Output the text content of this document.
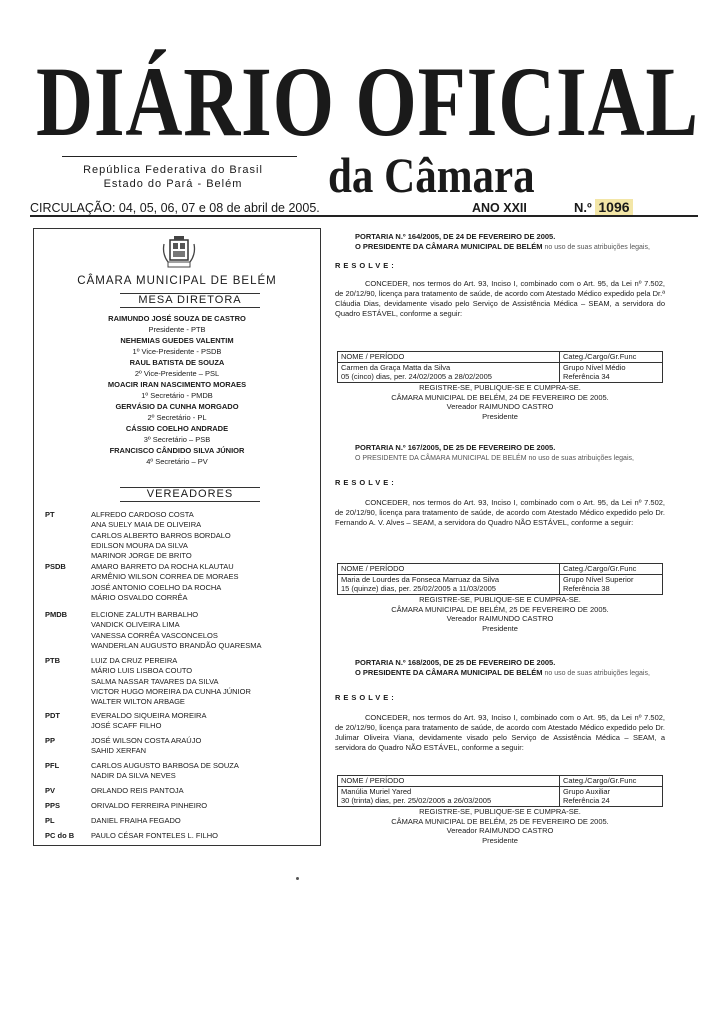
DIÁRIO OFICIAL
República Federativa do Brasil
Estado do Pará - Belém	da Câmara
CIRCULAÇÃO: 04, 05, 06, 07 e 08 de abril de 2005.	ANO XXII	N.º 1096
CÂMARA MUNICIPAL DE BELÉM
MESA DIRETORA
RAIMUNDO JOSÉ SOUZA DE CASTRO
Presidente - PTB
NEHEMIAS GUEDES VALENTIM
1º Vice-Presidente - PSDB
RAUL BATISTA DE SOUZA
2º Vice-Presidente – PSL
MOACIR IRAN NASCIMENTO MORAES
1º Secretário - PMDB
GERVÁSIO DA CUNHA MORGADO
2º Secretário - PL
CÁSSIO COELHO ANDRADE
3º Secretário – PSB
FRANCISCO CÂNDIDO SILVA JÚNIOR
4º Secretário – PV
VEREADORES
PT	ALFREDO CARDOSO COSTA
ANA SUELY MAIA DE OLIVEIRA
CARLOS ALBERTO BARROS BORDALO
EDILSON MOURA DA SILVA
MARINOR JORGE DE BRITO
PSDB	AMARO BARRETO DA ROCHA KLAUTAU
ARMÊNIO WILSON CORREA DE MORAES
JOSÉ ANTONIO COELHO DA ROCHA
MÁRIO OSVALDO CORRÊA
PMDB	ELCIONE ZALUTH BARBALHO
VANDICK OLIVEIRA LIMA
VANESSA CORRÊA VASCONCELOS
WANDERLAN AUGUSTO BRANDÃO QUARESMA
PTB	LUIZ DA CRUZ PEREIRA
MÁRIO LUIS LISBOA COUTO
SALMA NASSAR TAVARES DA SILVA
VICTOR HUGO MOREIRA DA CUNHA JÚNIOR
WALTER WILTON ARBAGE
PDT	EVERALDO SIQUEIRA MOREIRA
JOSÉ SCAFF FILHO
PP	JOSÉ WILSON COSTA ARAÚJO
SAHID XERFAN
PFL	CARLOS AUGUSTO BARBOSA DE SOUZA
NADIR DA SILVA NEVES
PV	ORLANDO REIS PANTOJA
PPS	ORIVALDO FERREIRA PINHEIRO
PL	DANIEL FRAIHA FEGADO
PC do B PAULO CÉSAR FONTELES L. FILHO
PORTARIA N.º 164/2005, DE 24 DE FEVEREIRO DE 2005.
O PRESIDENTE DA CÂMARA MUNICIPAL DE BELÉM no uso de suas atribuições legais,
RESOLVE:
CONCEDER, nos termos do Art. 93, Inciso I, combinado com o Art. 95, da Lei nº 7.502, de 20/12/90, licença para tratamento de saúde, de acordo com Atestado Médico expedido pela Dr.ª Cláudia Dias, devidamente visado pelo Serviço de Assistência Médica – SEAM, a servidora do Quadro ESTÁVEL, conforme a seguir:
NOME / PERÍODO	Categ./Cargo/Gr.Func
Carmen da Graça Matta da Silva	Grupo Nível Médio
05 (cinco) dias, per. 24/02/2005 a 28/02/2005	Referência 34
REGISTRE-SE, PUBLIQUE-SE E CUMPRA-SE.
CÂMARA MUNICIPAL DE BELÉM, 24 DE FEVEREIRO DE 2005.
Vereador RAIMUNDO CASTRO
Presidente
PORTARIA N.º 167/2005, DE 25 DE FEVEREIRO DE 2005.
O PRESIDENTE DA CÂMARA MUNICIPAL DE BELÉM no uso de suas atribuições legais,
RESOLVE:
CONCEDER, nos termos do Art. 93, Inciso I, combinado com o Art. 95, da Lei nº 7.502, de 20/12/90, licença para tratamento de saúde, de acordo com Atestado Médico expedido pelo Dr. Fernando A. V. Alves – SEAM, a servidora do Quadro NÃO ESTÁVEL, conforme a seguir:
NOME / PERÍODO	Categ./Cargo/Gr.Func
Maria de Lourdes da Fonseca Marruaz da Silva	Grupo Nível Superior
15 (quinze) dias, per. 25/02/2005 a 11/03/2005	Referência 38
REGISTRE-SE, PUBLIQUE-SE E CUMPRA-SE.
CÂMARA MUNICIPAL DE BELÉM, 25 DE FEVEREIRO DE 2005.
Vereador RAIMUNDO CASTRO
Presidente
PORTARIA N.º 168/2005, DE 25 DE FEVEREIRO DE 2005.
O PRESIDENTE DA CÂMARA MUNICIPAL DE BELÉM no uso de suas atribuições legais,
RESOLVE:
CONCEDER, nos termos do Art. 93, Inciso I, combinado com o Art. 95, da Lei nº 7.502, de 20/12/90, licença para tratamento de saúde, de acordo com Atestado Médico expedido pelo Dr. Julimar Oliveira Viana, devidamente visado pelo Serviço de Assistência Médica – SEAM, a servidora do Quadro NÃO ESTÁVEL, conforme a seguir:
NOME / PERÍODO	Categ./Cargo/Gr.Func
Manúlia Muriel Yared	Grupo Auxiliar
30 (trinta) dias, per. 25/02/2005 a 26/03/2005	Referência 24
REGISTRE-SE, PUBLIQUE-SE E CUMPRA-SE.
CÂMARA MUNICIPAL DE BELÉM, 25 DE FEVEREIRO DE 2005.
Vereador RAIMUNDO CASTRO
Presidente
